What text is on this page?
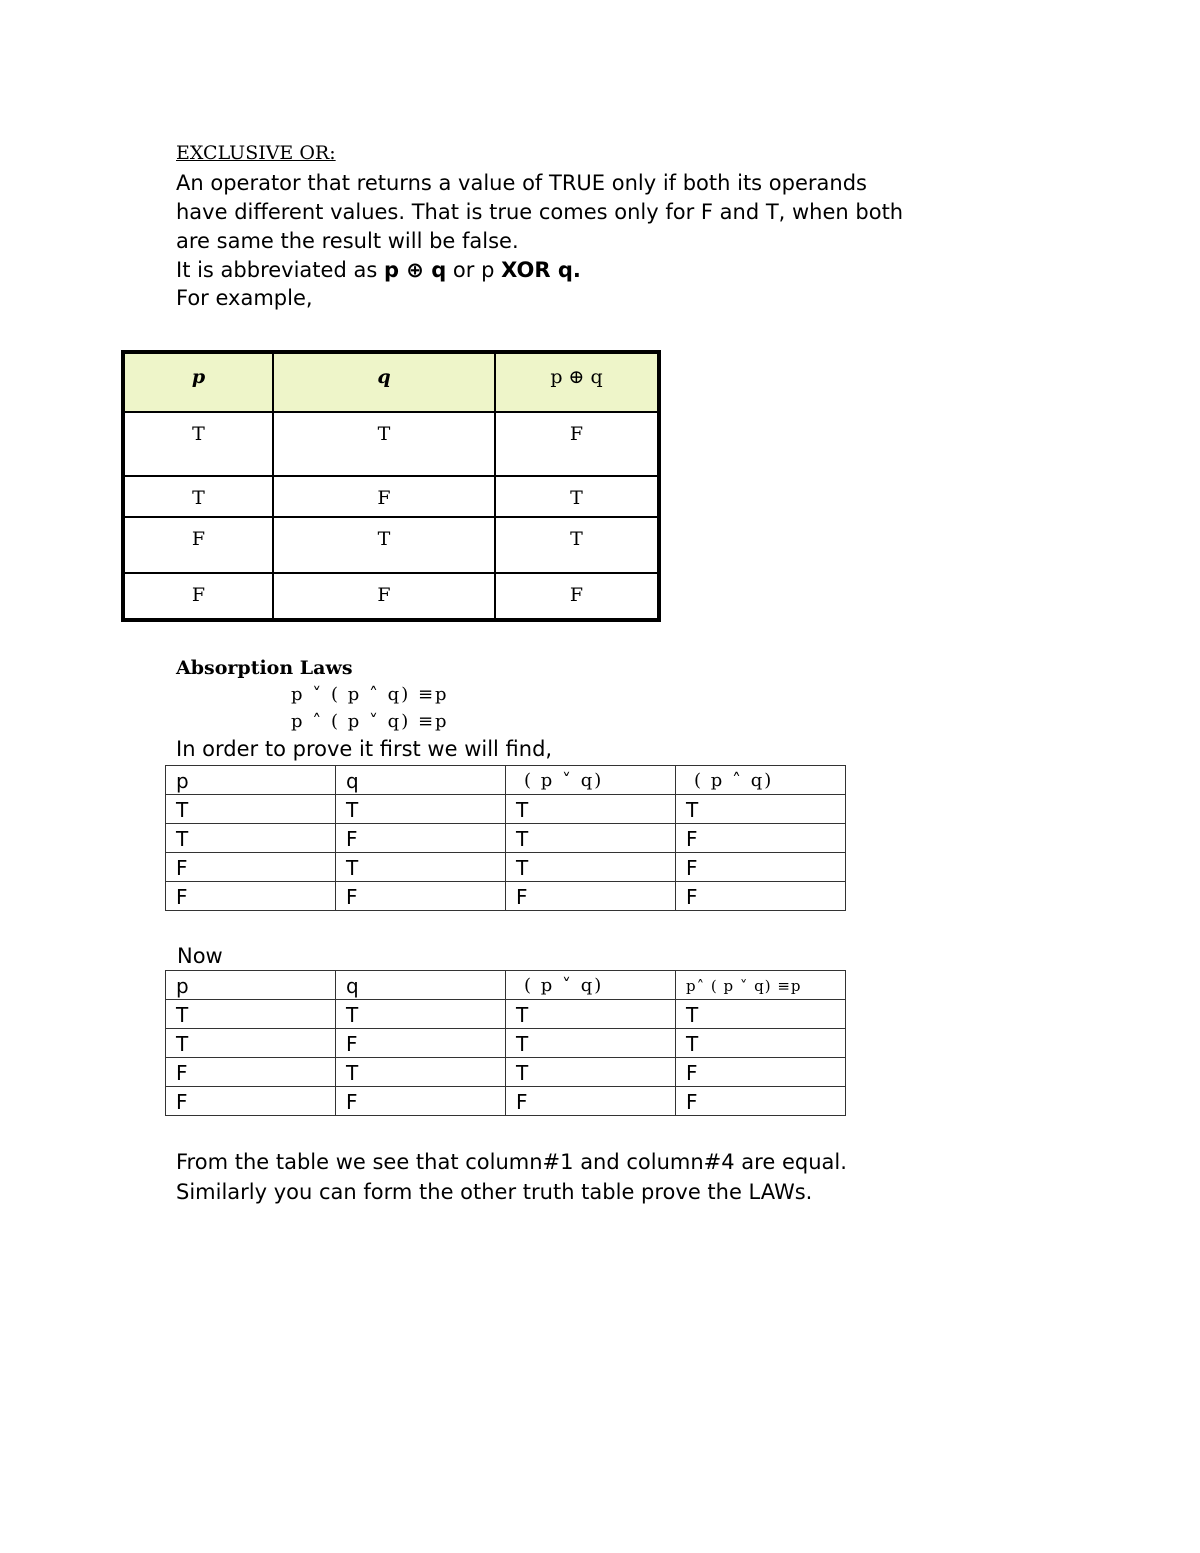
EXCLUSIVE OR:
An operator that returns a value of TRUE only if both its operands
have different values. That is true comes only for F and T, when both
are same the result will be false.
It is abbreviated as p ⊕ q or p XOR q.
For example,
p	q	p ⊕ q
T	T	F
T	F	T
F	T	T
F	F	F
Absorption Laws
p ˅ ( p ˄ q) ≡p
p ˄ ( p ˅ q) ≡p
In order to prove it first we will find,
p	q	( p ˅ q)	( p ˄ q)
T	T	T	T
T	F	T	F
F	T	T	F
F	F	F	F
Now
p	q	( p ˅ q)	p˄ ( p ˅ q) ≡p
T	T	T	T
T	F	T	T
F	T	T	F
F	F	F	F
From the table we see that column#1 and column#4 are equal.
Similarly you can form the other truth table prove the LAWs.
